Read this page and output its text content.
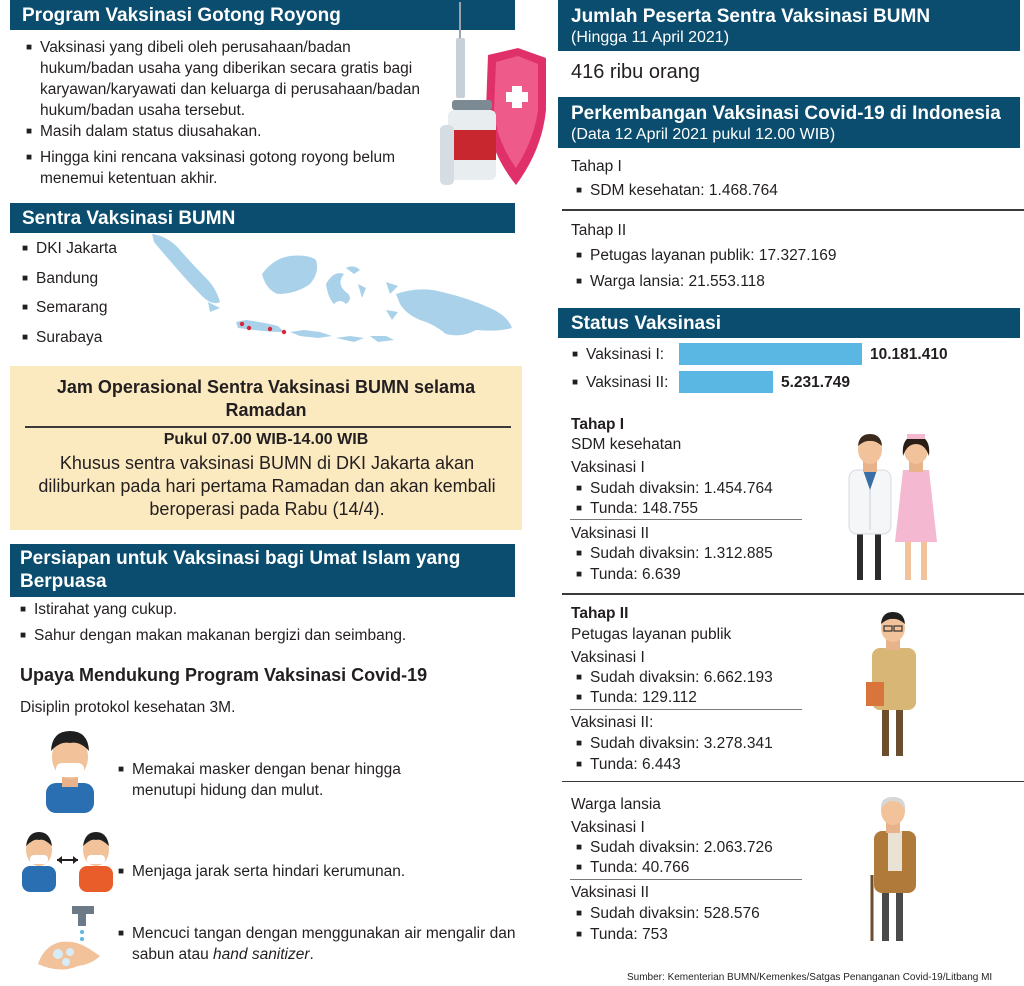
Program Vaksinasi Gotong Royong
■ Vaksinasi yang dibeli oleh perusahaan/badan hukum/badan usaha yang diberikan secara gratis bagi karyawan/karyawati dan keluarga di perusahaan/badan hukum/badan usaha tersebut.
■ Masih dalam status diusahakan.
■ Hingga kini rencana vaksinasi gotong royong belum menemui ketentuan akhir.
Sentra Vaksinasi BUMN
■ DKI Jakarta
■ Bandung
■ Semarang
■ Surabaya
Jam Operasional Sentra Vaksinasi BUMN selama Ramadan
Pukul 07.00 WIB-14.00 WIB
Khusus sentra vaksinasi BUMN di DKI Jakarta akan diliburkan pada hari pertama Ramadan dan akan kembali beroperasi pada Rabu (14/4).
Persiapan untuk Vaksinasi bagi Umat Islam yang Berpuasa
■ Istirahat yang cukup.
■ Sahur dengan makan makanan bergizi dan seimbang.
Upaya Mendukung Program Vaksinasi Covid-19
Disiplin protokol kesehatan 3M.
■ Memakai masker dengan benar hingga menutupi hidung dan mulut.
■ Menjaga jarak serta hindari kerumunan.
■ Mencuci tangan dengan menggunakan air mengalir dan sabun atau hand sanitizer.
Jumlah Peserta Sentra Vaksinasi BUMN
(Hingga 11 April 2021)
416 ribu orang
Perkembangan Vaksinasi Covid-19 di Indonesia
(Data 12 April 2021 pukul 12.00 WIB)
Tahap I
■ SDM kesehatan: 1.468.764
Tahap II
■ Petugas layanan publik: 17.327.169
■ Warga lansia: 21.553.118
Status Vaksinasi
■ Vaksinasi I:	10.181.410
■ Vaksinasi II:	5.231.749
Tahap I
SDM kesehatan
Vaksinasi I
■ Sudah divaksin: 1.454.764
■ Tunda: 148.755
Vaksinasi II
■ Sudah divaksin: 1.312.885
■ Tunda: 6.639
Tahap II
Petugas layanan publik
Vaksinasi I
■ Sudah divaksin: 6.662.193
■ Tunda: 129.112
Vaksinasi II:
■ Sudah divaksin: 3.278.341
■ Tunda: 6.443
Warga lansia
Vaksinasi I
■ Sudah divaksin: 2.063.726
■ Tunda: 40.766
Vaksinasi II
■ Sudah divaksin: 528.576
■ Tunda: 753
Sumber: Kementerian BUMN/Kemenkes/Satgas Penanganan Covid-19/Litbang MI
